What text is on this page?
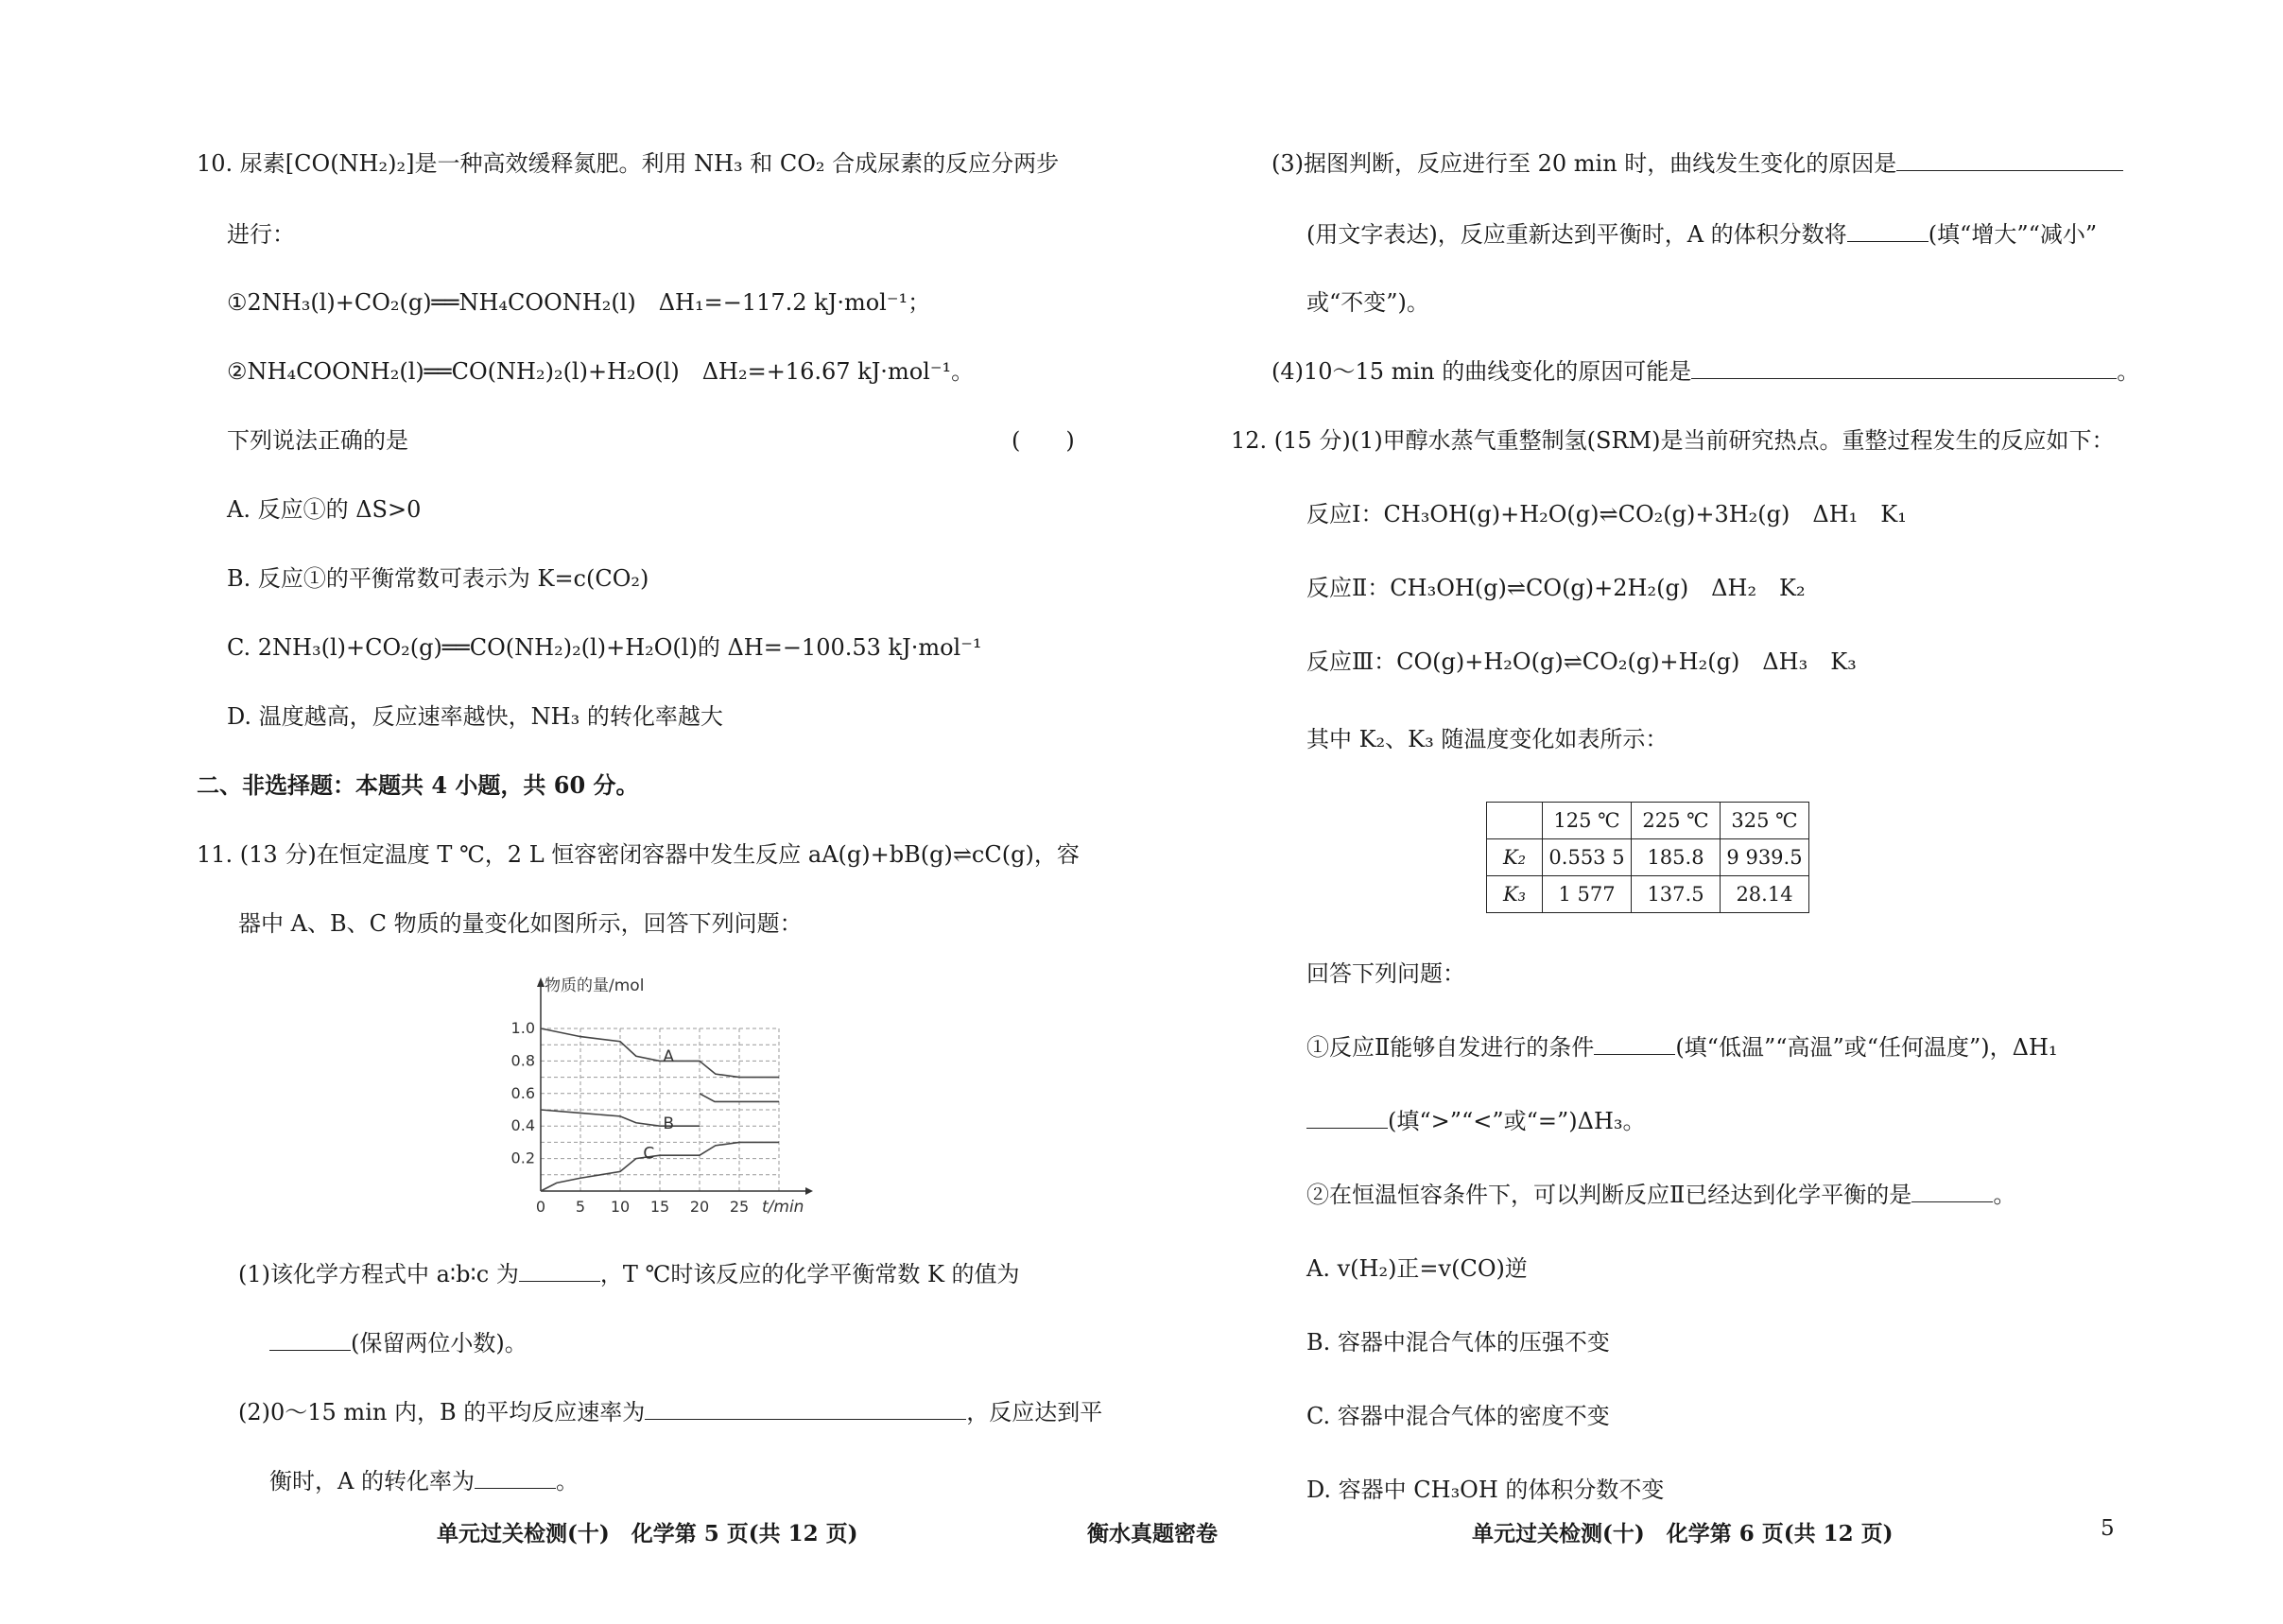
10. 尿素[CO(NH₂)₂]是一种高效缓释氮肥。利用 NH₃ 和 CO₂ 合成尿素的反应分两步
进行：
①2NH₃(l)+CO₂(g)══NH₄COONH₂(l)　ΔH₁=−117.2 kJ·mol⁻¹；
②NH₄COONH₂(l)══CO(NH₂)₂(l)+H₂O(l)　ΔH₂=+16.67 kJ·mol⁻¹。
下列说法正确的是	(　　)
A. 反应①的 ΔS>0
B. 反应①的平衡常数可表示为 K=c(CO₂)
C. 2NH₃(l)+CO₂(g)══CO(NH₂)₂(l)+H₂O(l)的 ΔH=−100.53 kJ·mol⁻¹
D. 温度越高，反应速率越快，NH₃ 的转化率越大
二、非选择题：本题共 4 小题，共 60 分。
11. (13 分)在恒定温度 T ℃，2 L 恒容密闭容器中发生反应 aA(g)+bB(g)⇌cC(g)，容
器中 A、B、C 物质的量变化如图所示，回答下列问题：
物质的量/mol
t/min
0 5 10 15 20 25
0.2
0.4
0.6
0.8
1.0
A
B
C
(1)该化学方程式中 a∶b∶c 为	，T ℃时该反应的化学平衡常数 K 的值为
(保留两位小数)。
(2)0～15 min 内，B 的平均反应速率为	，反应达到平
衡时，A 的转化率为	。
(3)据图判断，反应进行至 20 min 时，曲线发生变化的原因是
(用文字表达)，反应重新达到平衡时，A 的体积分数将	(填“增大”“减小”
或“不变”)。
(4)10～15 min 的曲线变化的原因可能是	。
12. (15 分)(1)甲醇水蒸气重整制氢(SRM)是当前研究热点。重整过程发生的反应如下：
反应Ⅰ：CH₃OH(g)+H₂O(g)⇌CO₂(g)+3H₂(g)　ΔH₁　K₁
反应Ⅱ：CH₃OH(g)⇌CO(g)+2H₂(g)　ΔH₂　K₂
反应Ⅲ：CO(g)+H₂O(g)⇌CO₂(g)+H₂(g)　ΔH₃　K₃
其中 K₂、K₃ 随温度变化如表所示：
	125 ℃	225 ℃	325 ℃
K₂	0.553 5	185.8	9 939.5
K₃	1 577	137.5	28.14
回答下列问题：
①反应Ⅱ能够自发进行的条件	(填“低温”“高温”或“任何温度”)，ΔH₁
(填“>”“<”或“=”)ΔH₃。
②在恒温恒容条件下，可以判断反应Ⅱ已经达到化学平衡的是	。
A. v(H₂)正=v(CO)逆
B. 容器中混合气体的压强不变
C. 容器中混合气体的密度不变
D. 容器中 CH₃OH 的体积分数不变
单元过关检测(十)　化学第 5 页(共 12 页)	衡水真题密卷	单元过关检测(十)　化学第 6 页(共 12 页)	5
